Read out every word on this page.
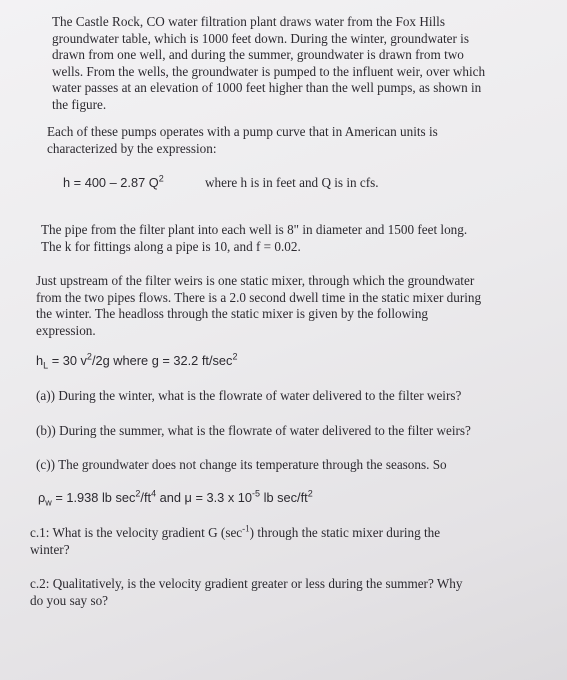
The Castle Rock, CO water filtration plant draws water from the Fox Hills
groundwater table, which is 1000 feet down. During the winter, groundwater is
drawn from one well, and during the summer, groundwater is drawn from two
wells. From the wells, the groundwater is pumped to the influent weir, over which
water passes at an elevation of 1000 feet higher than the well pumps, as shown in
the figure.
Each of these pumps operates with a pump curve that in American units is
characterized by the expression:
h = 400 – 2.87 $Q^2$	where h is in feet and Q is in cfs.
The pipe from the filter plant into each well is 8" in diameter and 1500 feet long.
The k for fittings along a pipe is 10, and f = 0.02.
Just upstream of the filter weirs is one static mixer, through which the groundwater
from the two pipes flows. There is a 2.0 second dwell time in the static mixer during
the winter. The headloss through the static mixer is given by the following
expression.
$h_L = 30$ $v^2/2g$ where g = 32.2 $ft/\sec^2$
(a)) During the winter, what is the flowrate of water delivered to the filter weirs?
(b)) During the summer, what is the flowrate of water delivered to the filter weirs?
(c)) The groundwater does not change its temperature through the seasons. So
$\rho_w = 1.938$ lb $\sec^2/ft^4$ and μ = 3.3 x $10^{-5}$ lb $\sec/ft^2$
c.1: What is the velocity gradient G $(\sec^{-1})$ through the static mixer during the
winter?
c.2: Qualitatively, is the velocity gradient greater or less during the summer? Why
do you say so?
